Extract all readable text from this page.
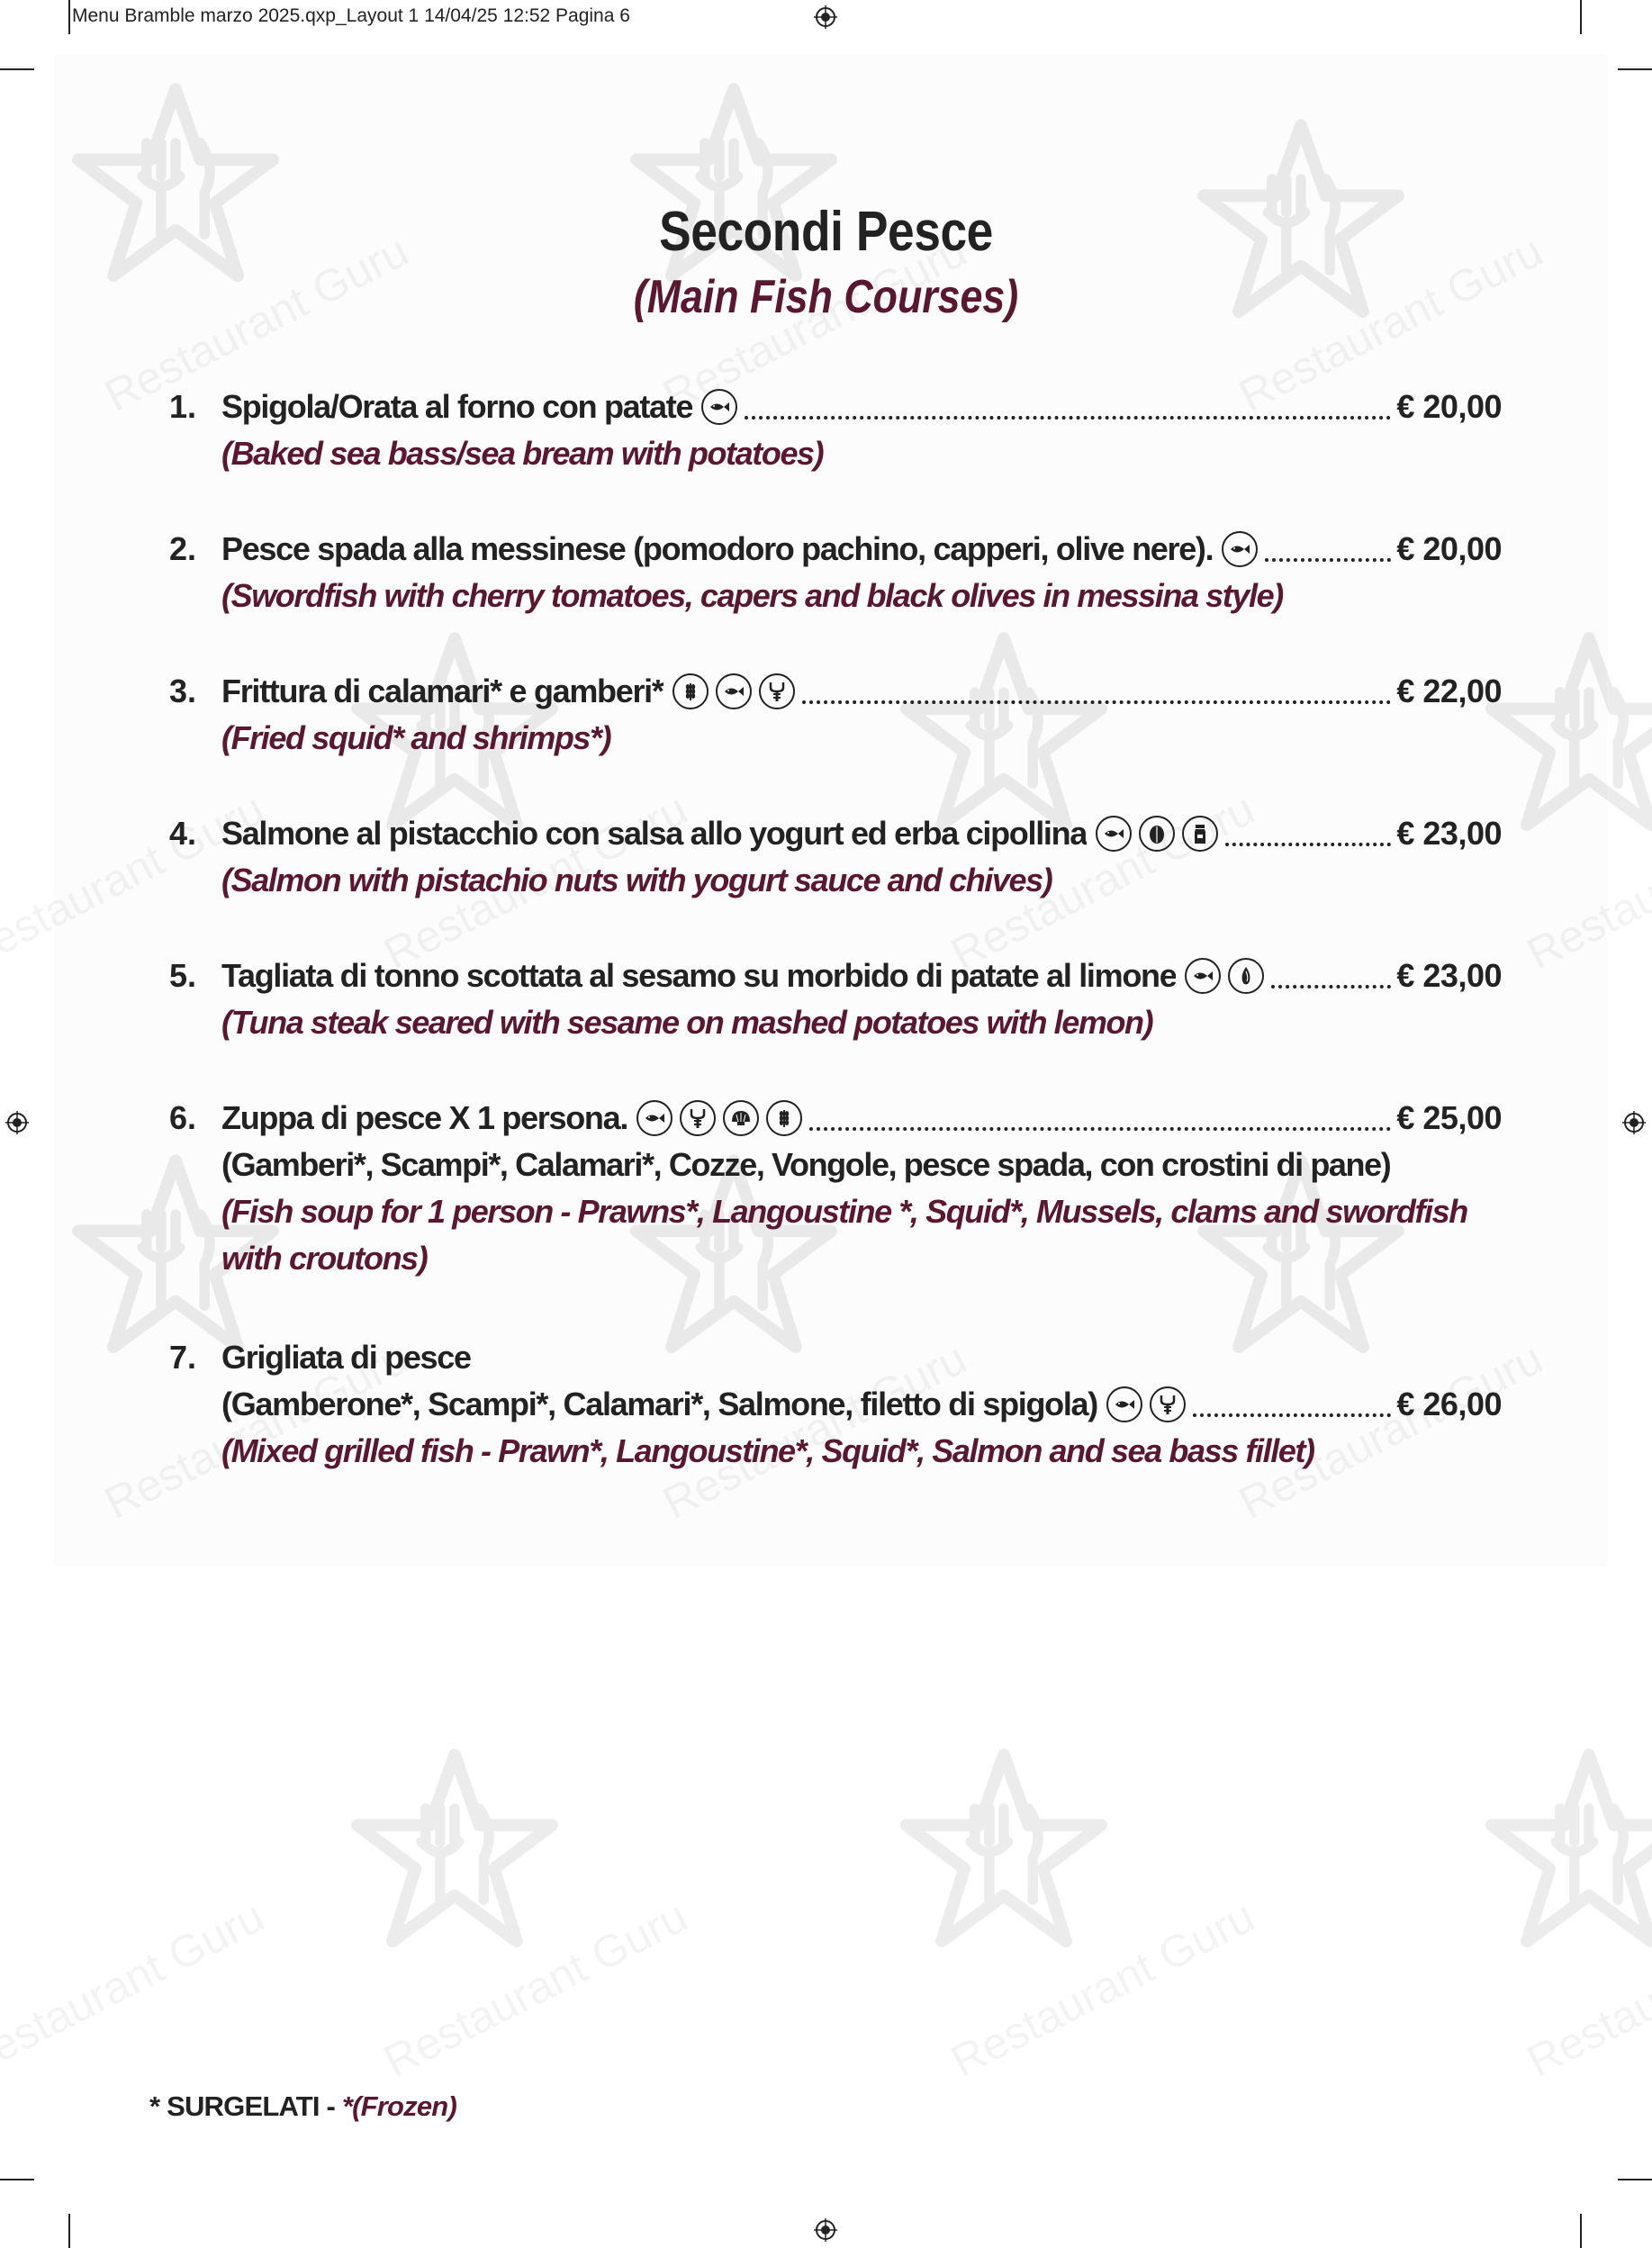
Menu Bramble marzo 2025.qxp_Layout 1 14/04/25 12:52 Pagina 6
Secondi Pesce
(Main Fish Courses)
1. Spigola/Orata al forno con patate	€ 20,00
(Baked sea bass/sea bream with potatoes)
2. Pesce spada alla messinese (pomodoro pachino, capperi, olive nere).	€ 20,00
(Swordfish with cherry tomatoes, capers and black olives in messina style)
3. Frittura di calamari* e gamberi*	€ 22,00
(Fried squid* and shrimps*)
4. Salmone al pistacchio con salsa allo yogurt ed erba cipollina	€ 23,00
(Salmon with pistachio nuts with yogurt sauce and chives)
5. Tagliata di tonno scottata al sesamo su morbido di patate al limone	€ 23,00
(Tuna steak seared with sesame on mashed potatoes with lemon)
6. Zuppa di pesce X 1 persona.	€ 25,00
(Gamberi*, Scampi*, Calamari*, Cozze, Vongole, pesce spada, con crostini di pane)
(Fish soup for 1 person - Prawns*, Langoustine *, Squid*, Mussels, clams and swordfish
with croutons)
7. Grigliata di pesce
(Gamberone*, Scampi*, Calamari*, Salmone, filetto di spigola)	€ 26,00
(Mixed grilled fish - Prawn*, Langoustine*, Squid*, Salmon and sea bass fillet)
* SURGELATI - *(Frozen)
